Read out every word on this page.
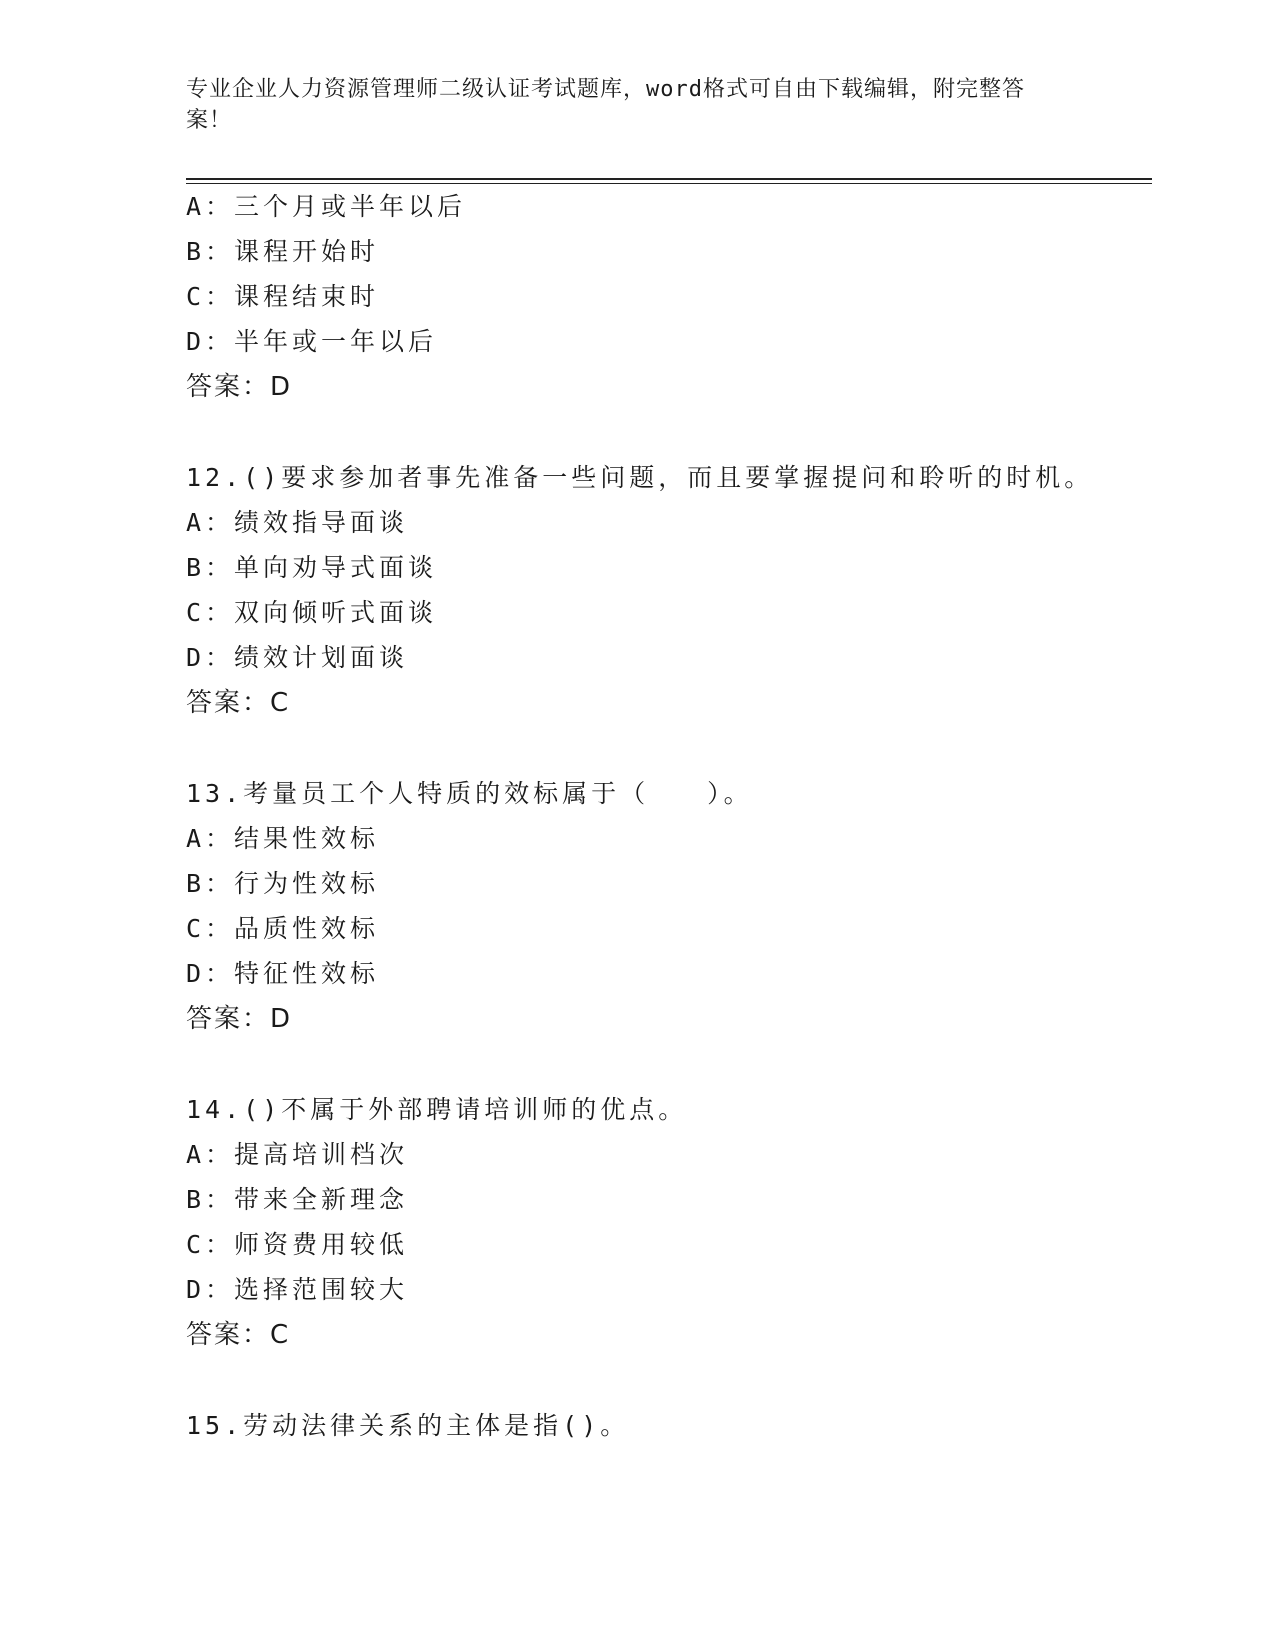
专业企业人力资源管理师二级认证考试题库，word格式可自由下载编辑，附完整答案！
A：三个月或半年以后
B：课程开始时
C：课程结束时
D：半年或一年以后
答案：D
12.()要求参加者事先准备一些问题，而且要掌握提问和聆听的时机。
A：绩效指导面谈
B：单向劝导式面谈
C：双向倾听式面谈
D：绩效计划面谈
答案：C
13.考量员工个人特质的效标属于（　　）。
A：结果性效标
B：行为性效标
C：品质性效标
D：特征性效标
答案：D
14.()不属于外部聘请培训师的优点。
A：提高培训档次
B：带来全新理念
C：师资费用较低
D：选择范围较大
答案：C
15.劳动法律关系的主体是指()。
